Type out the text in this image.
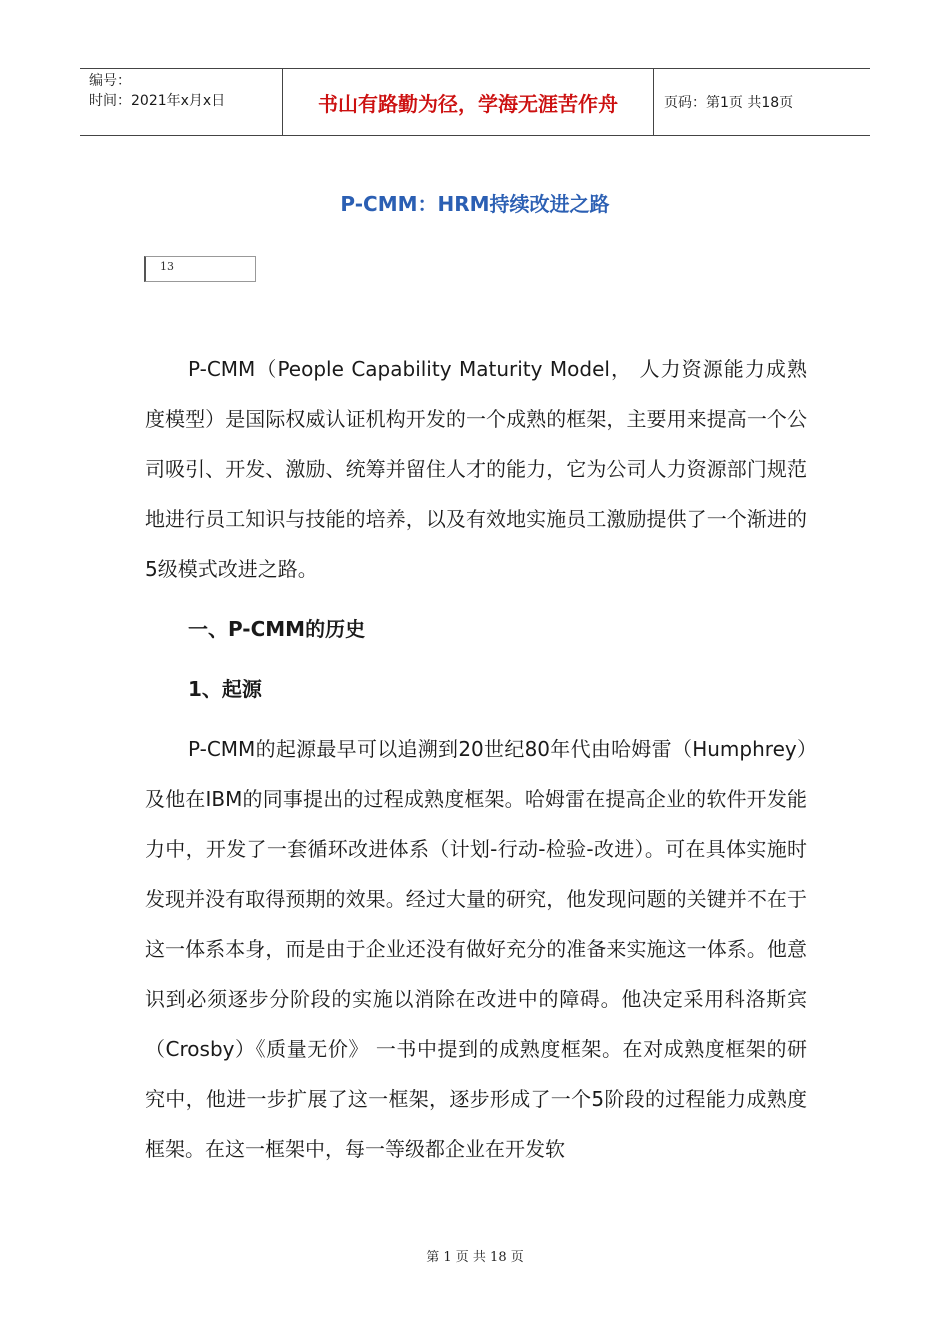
编号：
时间：2021年x月x日	书山有路勤为径，学海无涯苦作舟	页码：第1页 共18页
P-CMM：HRM持续改进之路
13

P-CMM（People Capability Maturity Model， 人力资源能力成熟度模型）是国际权威认证机构开发的一个成熟的框架，主要用来提高一个公司吸引、开发、激励、统筹并留住人才的能力，它为公司人力资源部门规范地进行员工知识与技能的培养，以及有效地实施员工激励提供了一个渐进的5级模式改进之路。

一、P-CMM的历史
1、起源

P-CMM的起源最早可以追溯到20世纪80年代由哈姆雷（Humphrey）及他在IBM的同事提出的过程成熟度框架。哈姆雷在提高企业的软件开发能力中，开发了一套循环改进体系（计划-行动-检验-改进）。可在具体实施时发现并没有取得预期的效果。经过大量的研究，他发现问题的关键并不在于这一体系本身，而是由于企业还没有做好充分的准备来实施这一体系。他意识到必须逐步分阶段的实施以消除在改进中的障碍。他决定采用科洛斯宾（Crosby）《质量无价》 一书中提到的成熟度框架。在对成熟度框架的研究中，他进一步扩展了这一框架，逐步形成了一个5阶段的过程能力成熟度框架。在这一框架中，每一等级都企业在开发软

第 1 页 共 18 页
